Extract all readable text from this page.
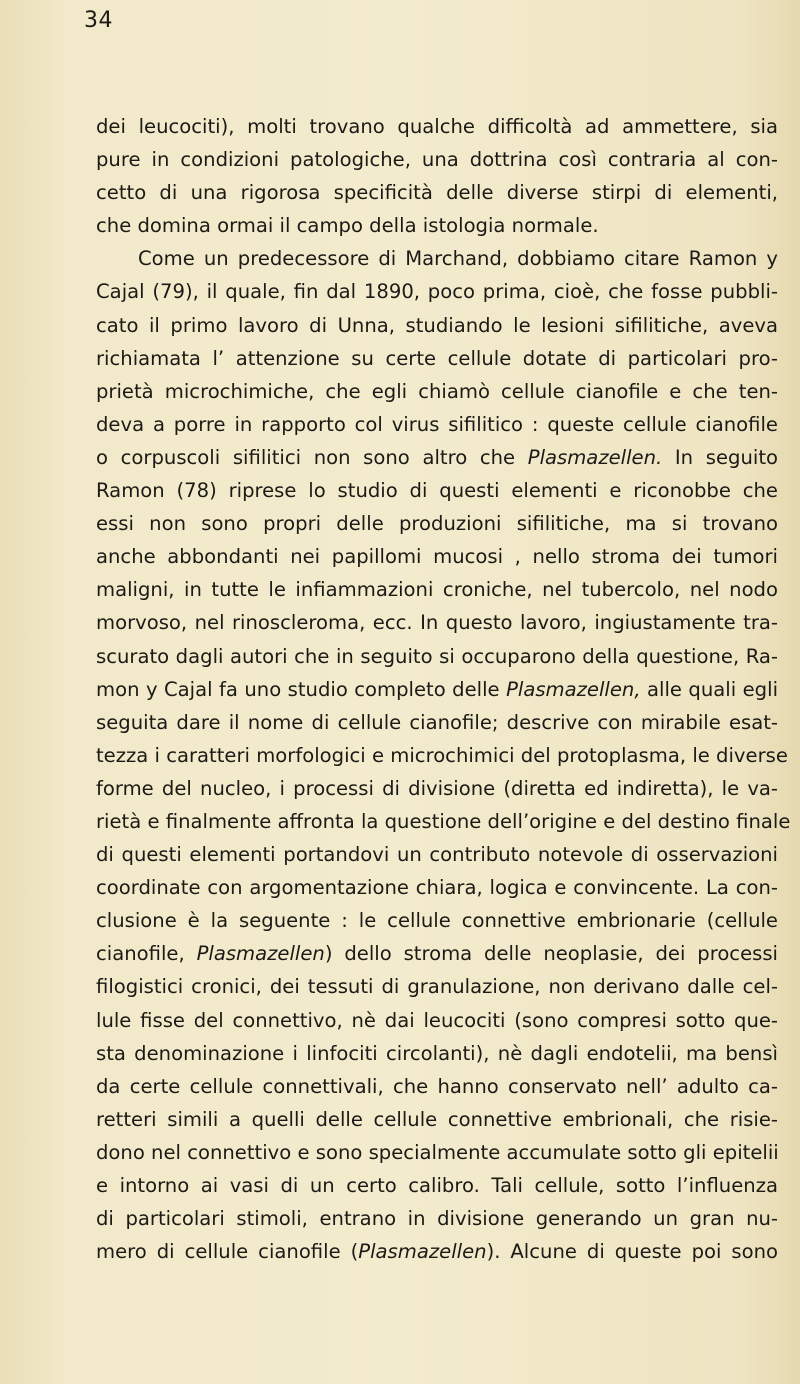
34
dei leucociti), molti trovano qualche difficoltà ad ammettere, sia
pure in condizioni patologiche, una dottrina così contraria al con-
cetto di una rigorosa specificità delle diverse stirpi di elementi,
che domina ormai il campo della istologia normale.
Come un predecessore di Marchand, dobbiamo citare Ramon y
Cajal (79), il quale, fin dal 1890, poco prima, cioè, che fosse pubbli-
cato il primo lavoro di Unna, studiando le lesioni sifilitiche, aveva
richiamata l’ attenzione su certe cellule dotate di particolari pro-
prietà microchimiche, che egli chiamò cellule cianofile e che ten-
deva a porre in rapporto col virus sifilitico : queste cellule cianofile
o corpuscoli sifilitici non sono altro che Plasmazellen. In seguito
Ramon (78) riprese lo studio di questi elementi e riconobbe che
essi non sono propri delle produzioni sifilitiche, ma si trovano
anche abbondanti nei papillomi mucosi , nello stroma dei tumori
maligni, in tutte le infiammazioni croniche, nel tubercolo, nel nodo
morvoso, nel rinoscleroma, ecc. In questo lavoro, ingiustamente tra-
scurato dagli autori che in seguito si occuparono della questione, Ra-
mon y Cajal fa uno studio completo delle Plasmazellen, alle quali egli
seguita dare il nome di cellule cianofile; descrive con mirabile esat-
tezza i caratteri morfologici e microchimici del protoplasma, le diverse
forme del nucleo, i processi di divisione (diretta ed indiretta), le va-
rietà e finalmente affronta la questione dell’origine e del destino finale
di questi elementi portandovi un contributo notevole di osservazioni
coordinate con argomentazione chiara, logica e convincente. La con-
clusione è la seguente : le cellule connettive embrionarie (cellule
cianofile, Plasmazellen) dello stroma delle neoplasie, dei processi
filogistici cronici, dei tessuti di granulazione, non derivano dalle cel-
lule fisse del connettivo, nè dai leucociti (sono compresi sotto que-
sta denominazione i linfociti circolanti), nè dagli endotelii, ma bensì
da certe cellule connettivali, che hanno conservato nell’ adulto ca-
retteri simili a quelli delle cellule connettive embrionali, che risie-
dono nel connettivo e sono specialmente accumulate sotto gli epitelii
e intorno ai vasi di un certo calibro. Tali cellule, sotto l’influenza
di particolari stimoli, entrano in divisione generando un gran nu-
mero di cellule cianofile (Plasmazellen). Alcune di queste poi sono
